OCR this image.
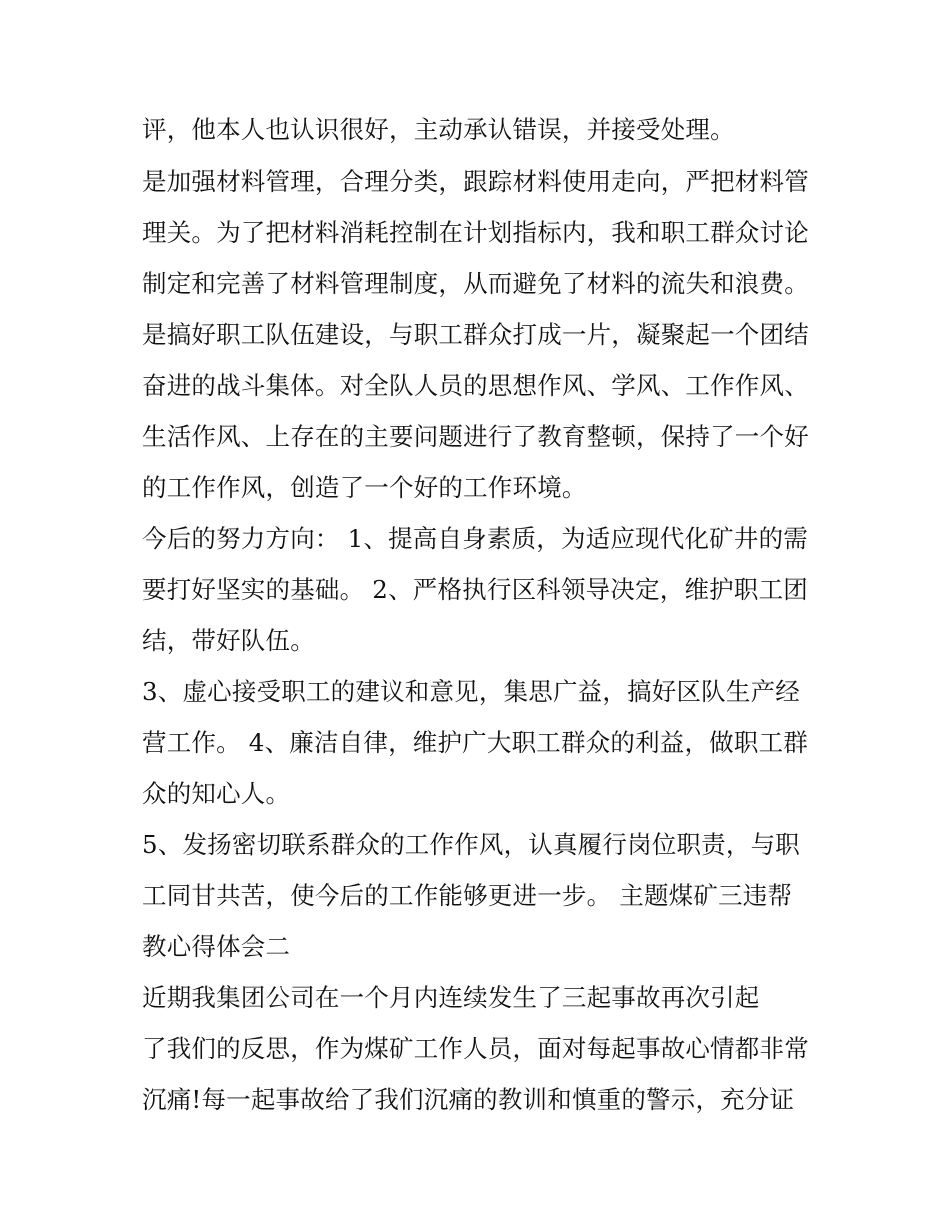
评，他本人也认识很好，主动承认错误，并接受处理。
是加强材料管理，合理分类，跟踪材料使用走向，严把材料管
理关。为了把材料消耗控制在计划指标内，我和职工群众讨论
制定和完善了材料管理制度，从而避免了材料的流失和浪费。
是搞好职工队伍建设，与职工群众打成一片，凝聚起一个团结
奋进的战斗集体。对全队人员的思想作风、学风、工作作风、
生活作风、上存在的主要问题进行了教育整顿，保持了一个好
的工作作风，创造了一个好的工作环境。
今后的努力方向： 1、提高自身素质，为适应现代化矿井的需
要打好坚实的基础。 2、严格执行区科领导决定，维护职工团
结，带好队伍。
3、虚心接受职工的建议和意见，集思广益，搞好区队生产经
营工作。 4、廉洁自律，维护广大职工群众的利益，做职工群
众的知心人。
5、发扬密切联系群众的工作作风，认真履行岗位职责，与职
工同甘共苦，使今后的工作能够更进一步。 主题煤矿三违帮
教心得体会二
近期我集团公司在一个月内连续发生了三起事故再次引起
了我们的反思，作为煤矿工作人员，面对每起事故心情都非常
沉痛!每一起事故给了我们沉痛的教训和慎重的警示，充分证
